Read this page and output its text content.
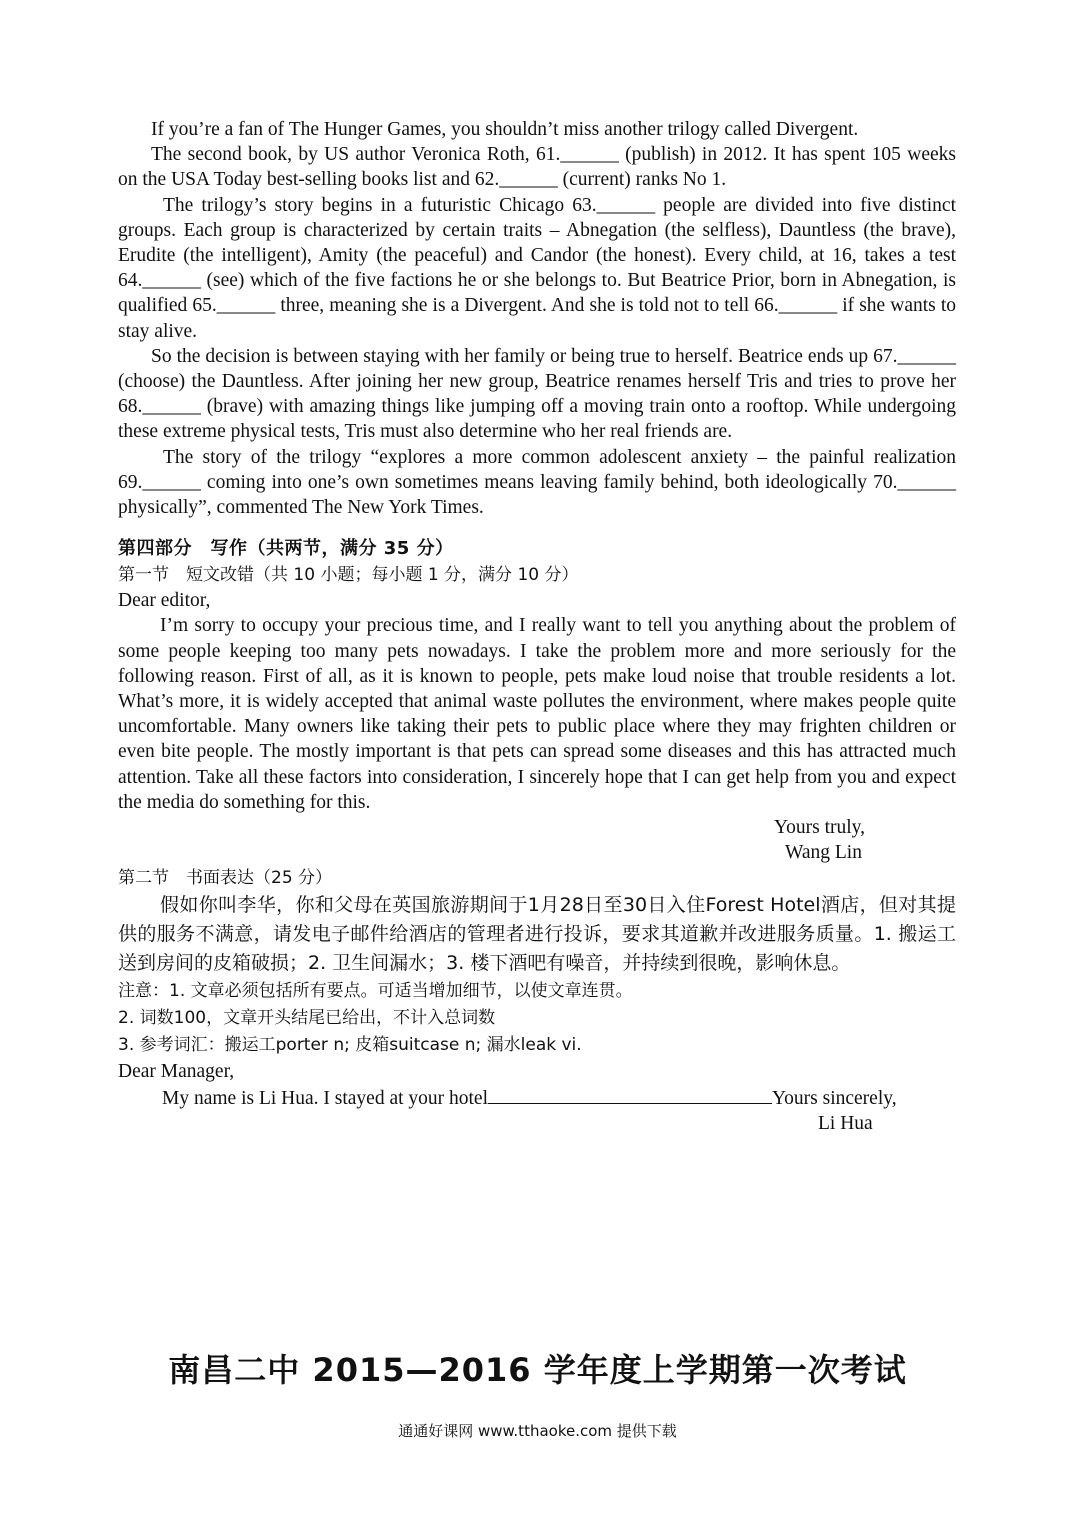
If you’re a fan of The Hunger Games, you shouldn’t miss another trilogy called Divergent.

The second book, by US author Veronica Roth, 61.______ (publish) in 2012. It has spent 105 weeks on the USA Today best-selling books list and 62.______ (current) ranks No 1.

The trilogy’s story begins in a futuristic Chicago 63.______ people are divided into five distinct groups. Each group is characterized by certain traits – Abnegation (the selfless), Dauntless (the brave), Erudite (the intelligent), Amity (the peaceful) and Candor (the honest). Every child, at 16, takes a test 64.______ (see) which of the five factions he or she belongs to. But Beatrice Prior, born in Abnegation, is qualified 65.______ three, meaning she is a Divergent. And she is told not to tell 66.______ if she wants to stay alive.

So the decision is between staying with her family or being true to herself. Beatrice ends up 67.______ (choose) the Dauntless. After joining her new group, Beatrice renames herself Tris and tries to prove her 68.______ (brave) with amazing things like jumping off a moving train onto a rooftop. While undergoing these extreme physical tests, Tris must also determine who her real friends are.

The story of the trilogy “explores a more common adolescent anxiety – the painful realization 69.______ coming into one’s own sometimes means leaving family behind, both ideologically 70.______ physically”, commented The New York Times.

第四部分　写作（共两节，满分 35 分）
第一节　短文改错（共 10 小题；每小题 1 分，满分 10 分）

Dear editor,

I’m sorry to occupy your precious time, and I really want to tell you anything about the problem of some people keeping too many pets nowadays. I take the problem more and more seriously for the following reason. First of all, as it is known to people, pets make loud noise that trouble residents a lot. What’s more, it is widely accepted that animal waste pollutes the environment, where makes people quite uncomfortable. Many owners like taking their pets to public place where they may frighten children or even bite people. The mostly important is that pets can spread some diseases and this has attracted much attention. Take all these factors into consideration, I sincerely hope that I can get help from you and expect the media do something for this.

Yours truly,

Wang Lin

第二节　书面表达（25 分）
假如你叫李华，你和父母在英国旅游期间于1月28日至30日入住Forest Hotel酒店，但对其提供的服务不满意，请发电子邮件给酒店的管理者进行投诉，要求其道歉并改进服务质量。1. 搬运工送到房间的皮箱破损；2. 卫生间漏水；3. 楼下酒吧有噪音，并持续到很晚，影响休息。
注意：1. 文章必须包括所有要点。可适当增加细节，以使文章连贯。
2. 词数100，文章开头结尾已给出，不计入总词数
3. 参考词汇：搬运工porter n; 皮箱suitcase n; 漏水leak vi.

Dear Manager,

My name is Li Hua. I stayed at your hotel	Yours sincerely,

Li Hua

南昌二中 2015—2016 学年度上学期第一次考试
通通好课网 www.tthaoke.com 提供下载
